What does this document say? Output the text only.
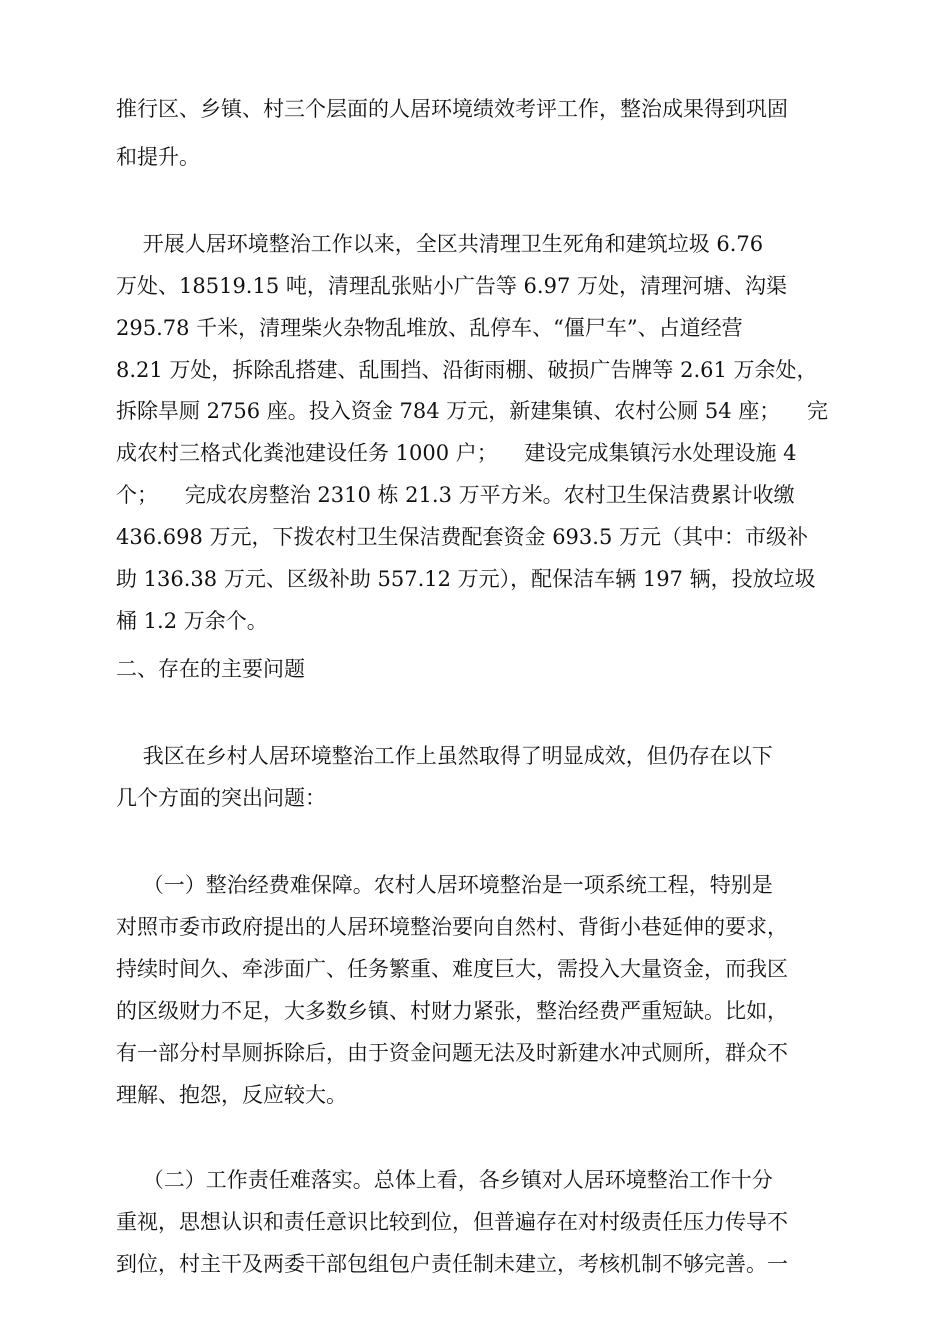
推行区、乡镇、村三个层面的人居环境绩效考评工作，整治成果得到巩固
和提升。
开展人居环境整治工作以来，全区共清理卫生死角和建筑垃圾 6.76
万处、18519.15 吨，清理乱张贴小广告等 6.97 万处，清理河塘、沟渠
295.78 千米，清理柴火杂物乱堆放、乱停车、“僵尸车”、占道经营
8.21 万处，拆除乱搭建、乱围挡、沿街雨棚、破损广告牌等 2.61 万余处，
拆除旱厕 2756 座。投入资金 784 万元，新建集镇、农村公厕 54 座；    完
成农村三格式化粪池建设任务 1000 户；    建设完成集镇污水处理设施 4
个；    完成农房整治 2310 栋 21.3 万平方米。农村卫生保洁费累计收缴
436.698 万元，下拨农村卫生保洁费配套资金 693.5 万元（其中：市级补
助 136.38 万元、区级补助 557.12 万元），配保洁车辆 197 辆，投放垃圾
桶 1.2 万余个。
二、存在的主要问题
我区在乡村人居环境整治工作上虽然取得了明显成效，但仍存在以下
几个方面的突出问题：
（一）整治经费难保障。农村人居环境整治是一项系统工程，特别是
对照市委市政府提出的人居环境整治要向自然村、背街小巷延伸的要求，
持续时间久、牵涉面广、任务繁重、难度巨大，需投入大量资金，而我区
的区级财力不足，大多数乡镇、村财力紧张，整治经费严重短缺。比如，
有一部分村旱厕拆除后，由于资金问题无法及时新建水冲式厕所，群众不
理解、抱怨，反应较大。
（二）工作责任难落实。总体上看，各乡镇对人居环境整治工作十分
重视，思想认识和责任意识比较到位，但普遍存在对村级责任压力传导不
到位，村主干及两委干部包组包户责任制未建立，考核机制不够完善。一
